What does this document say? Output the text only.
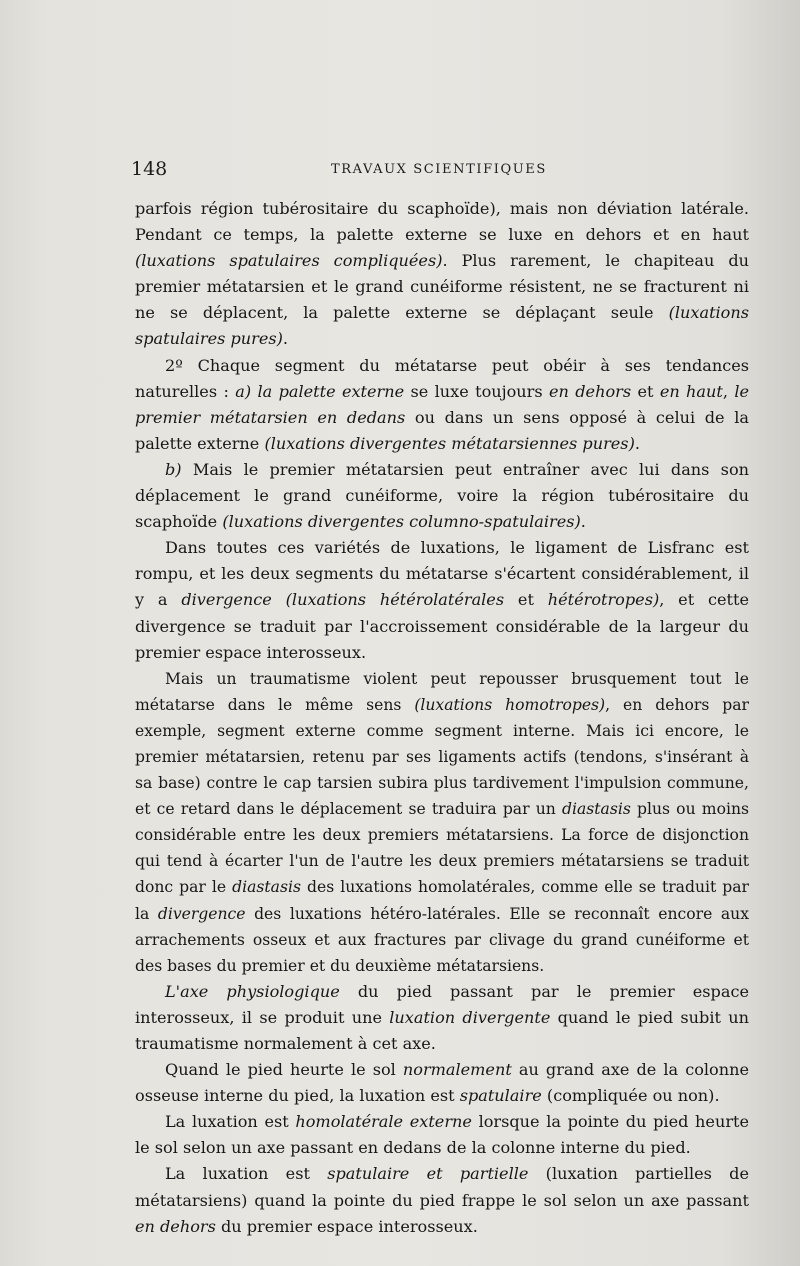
148	TRAVAUX SCIENTIFIQUES

parfois région tubérositaire du scaphoïde), mais non déviation latérale. Pendant ce temps, la palette externe se luxe en dehors et en haut (luxations spatulaires compliquées). Plus rarement, le chapiteau du premier métatarsien et le grand cunéiforme résistent, ne se fracturent ni ne se déplacent, la palette externe se déplaçant seule (luxations spatulaires pures).

2º Chaque segment du métatarse peut obéir à ses tendances naturelles : a) la palette externe se luxe toujours en dehors et en haut, le premier métatarsien en dedans ou dans un sens opposé à celui de la palette externe (luxations divergentes métatarsiennes pures).

b) Mais le premier métatarsien peut entraîner avec lui dans son déplacement le grand cunéiforme, voire la région tubérositaire du scaphoïde (luxations divergentes columno-spatulaires).

Dans toutes ces variétés de luxations, le ligament de Lisfranc est rompu, et les deux segments du métatarse s'écartent considérablement, il y a divergence (luxations hétérolatérales et hétérotropes), et cette divergence se traduit par l'accroissement considérable de la largeur du premier espace interosseux.

Mais un traumatisme violent peut repousser brusquement tout le métatarse dans le même sens (luxations homotropes), en dehors par exemple, segment externe comme segment interne. Mais ici encore, le premier métatarsien, retenu par ses ligaments actifs (tendons, s'insérant à sa base) contre le cap tarsien subira plus tardivement l'impulsion commune, et ce retard dans le déplacement se traduira par un diastasis plus ou moins considérable entre les deux premiers métatarsiens. La force de disjonction qui tend à écarter l'un de l'autre les deux premiers métatarsiens se traduit donc par le diastasis des luxations homolatérales, comme elle se traduit par la divergence des luxations hétéro-latérales. Elle se reconnaît encore aux arrachements osseux et aux fractures par clivage du grand cunéiforme et des bases du premier et du deuxième métatarsiens.

L'axe physiologique du pied passant par le premier espace interosseux, il se produit une luxation divergente quand le pied subit un traumatisme normalement à cet axe.

Quand le pied heurte le sol normalement au grand axe de la colonne osseuse interne du pied, la luxation est spatulaire (compliquée ou non).

La luxation est homolatérale externe lorsque la pointe du pied heurte le sol selon un axe passant en dedans de la colonne interne du pied.

La luxation est spatulaire et partielle (luxation partielles de métatarsiens) quand la pointe du pied frappe le sol selon un axe passant en dehors du premier espace interosseux.
